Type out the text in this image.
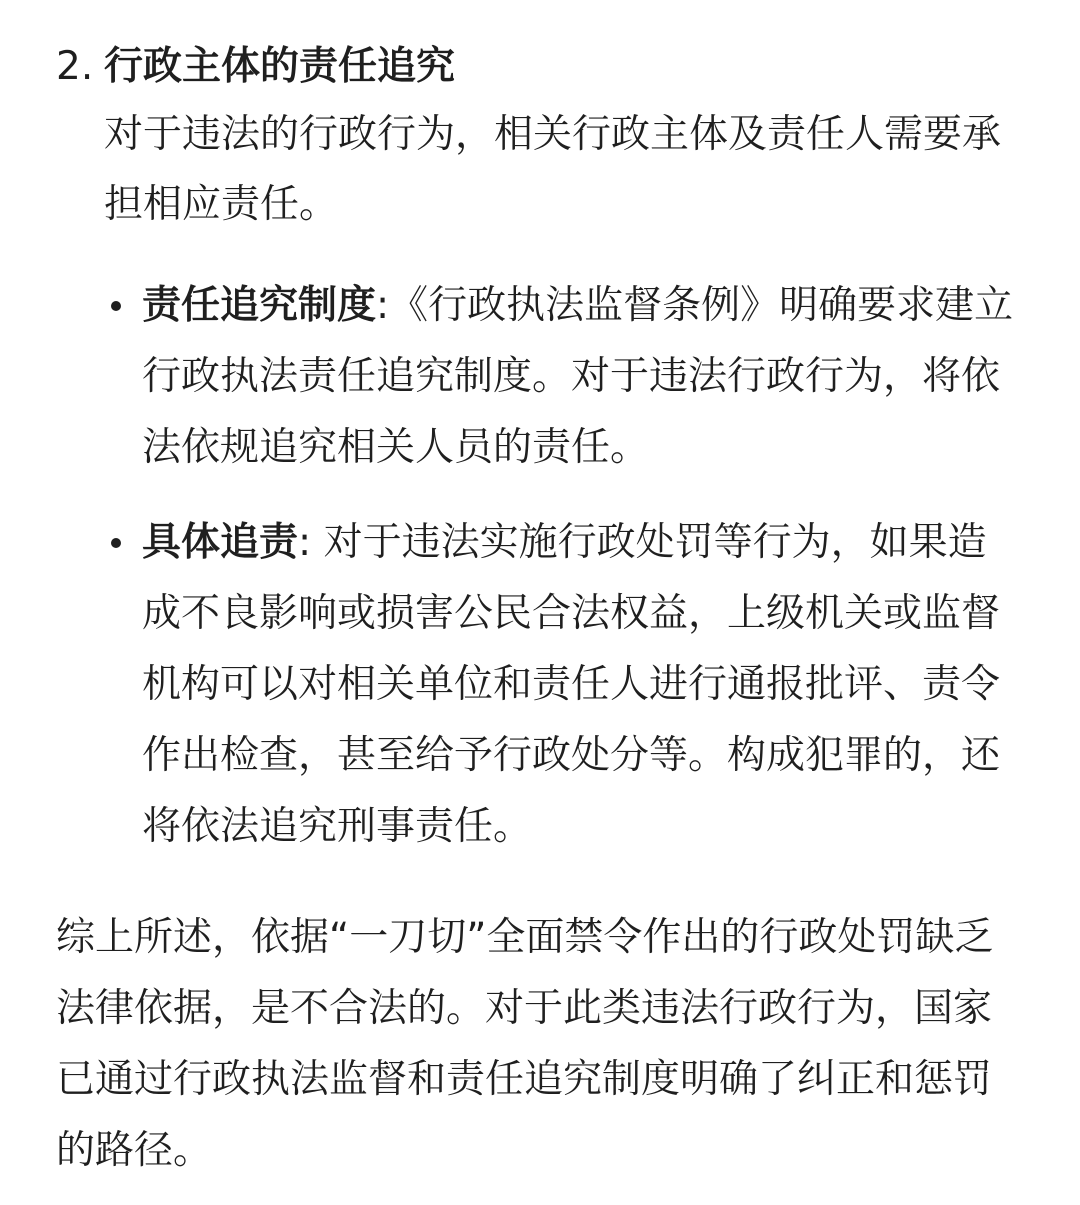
2. 行政主体的责任追究

对于违法的行政行为，相关行政主体及责任人需要承担相应责任。

责任追究制度:《行政执法监督条例》明确要求建立行政执法责任追究制度。对于违法行政行为，将依法依规追究相关人员的责任。
具体追责: 对于违法实施行政处罚等行为，如果造成不良影响或损害公民合法权益，上级机关或监督机构可以对相关单位和责任人进行通报批评、责令作出检查，甚至给予行政处分等。构成犯罪的，还将依法追究刑事责任。

综上所述，依据“一刀切”全面禁令作出的行政处罚缺乏法律依据，是不合法的。对于此类违法行政行为，国家已通过行政执法监督和责任追究制度明确了纠正和惩罚的路径。
